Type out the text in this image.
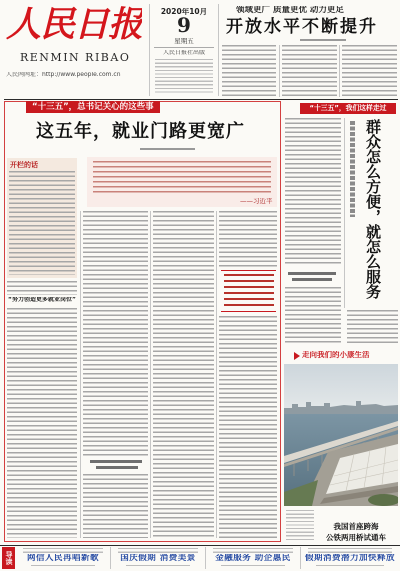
人民日报
RENMIN RIBAO
人民网网址：http://www.people.com.cn
2020年10月
9
星期五
人民日报社出版
领域更广 质量更优 动力更足
开放水平不断提升
“十三五”，我们这样走过
“十三五”，总书记关心的这些事
这五年，就业门路更宽广
开栏的话
——习近平
“努力创造更多就业岗位”
群众怎么方便，就怎么服务
走向我们的小康生活
我国首座跨海
公铁两用桥试通车
导读	网信人民再唱新歌	国庆假期 消费美景	金融服务 助企惠民	假期消费潜力加快释放
